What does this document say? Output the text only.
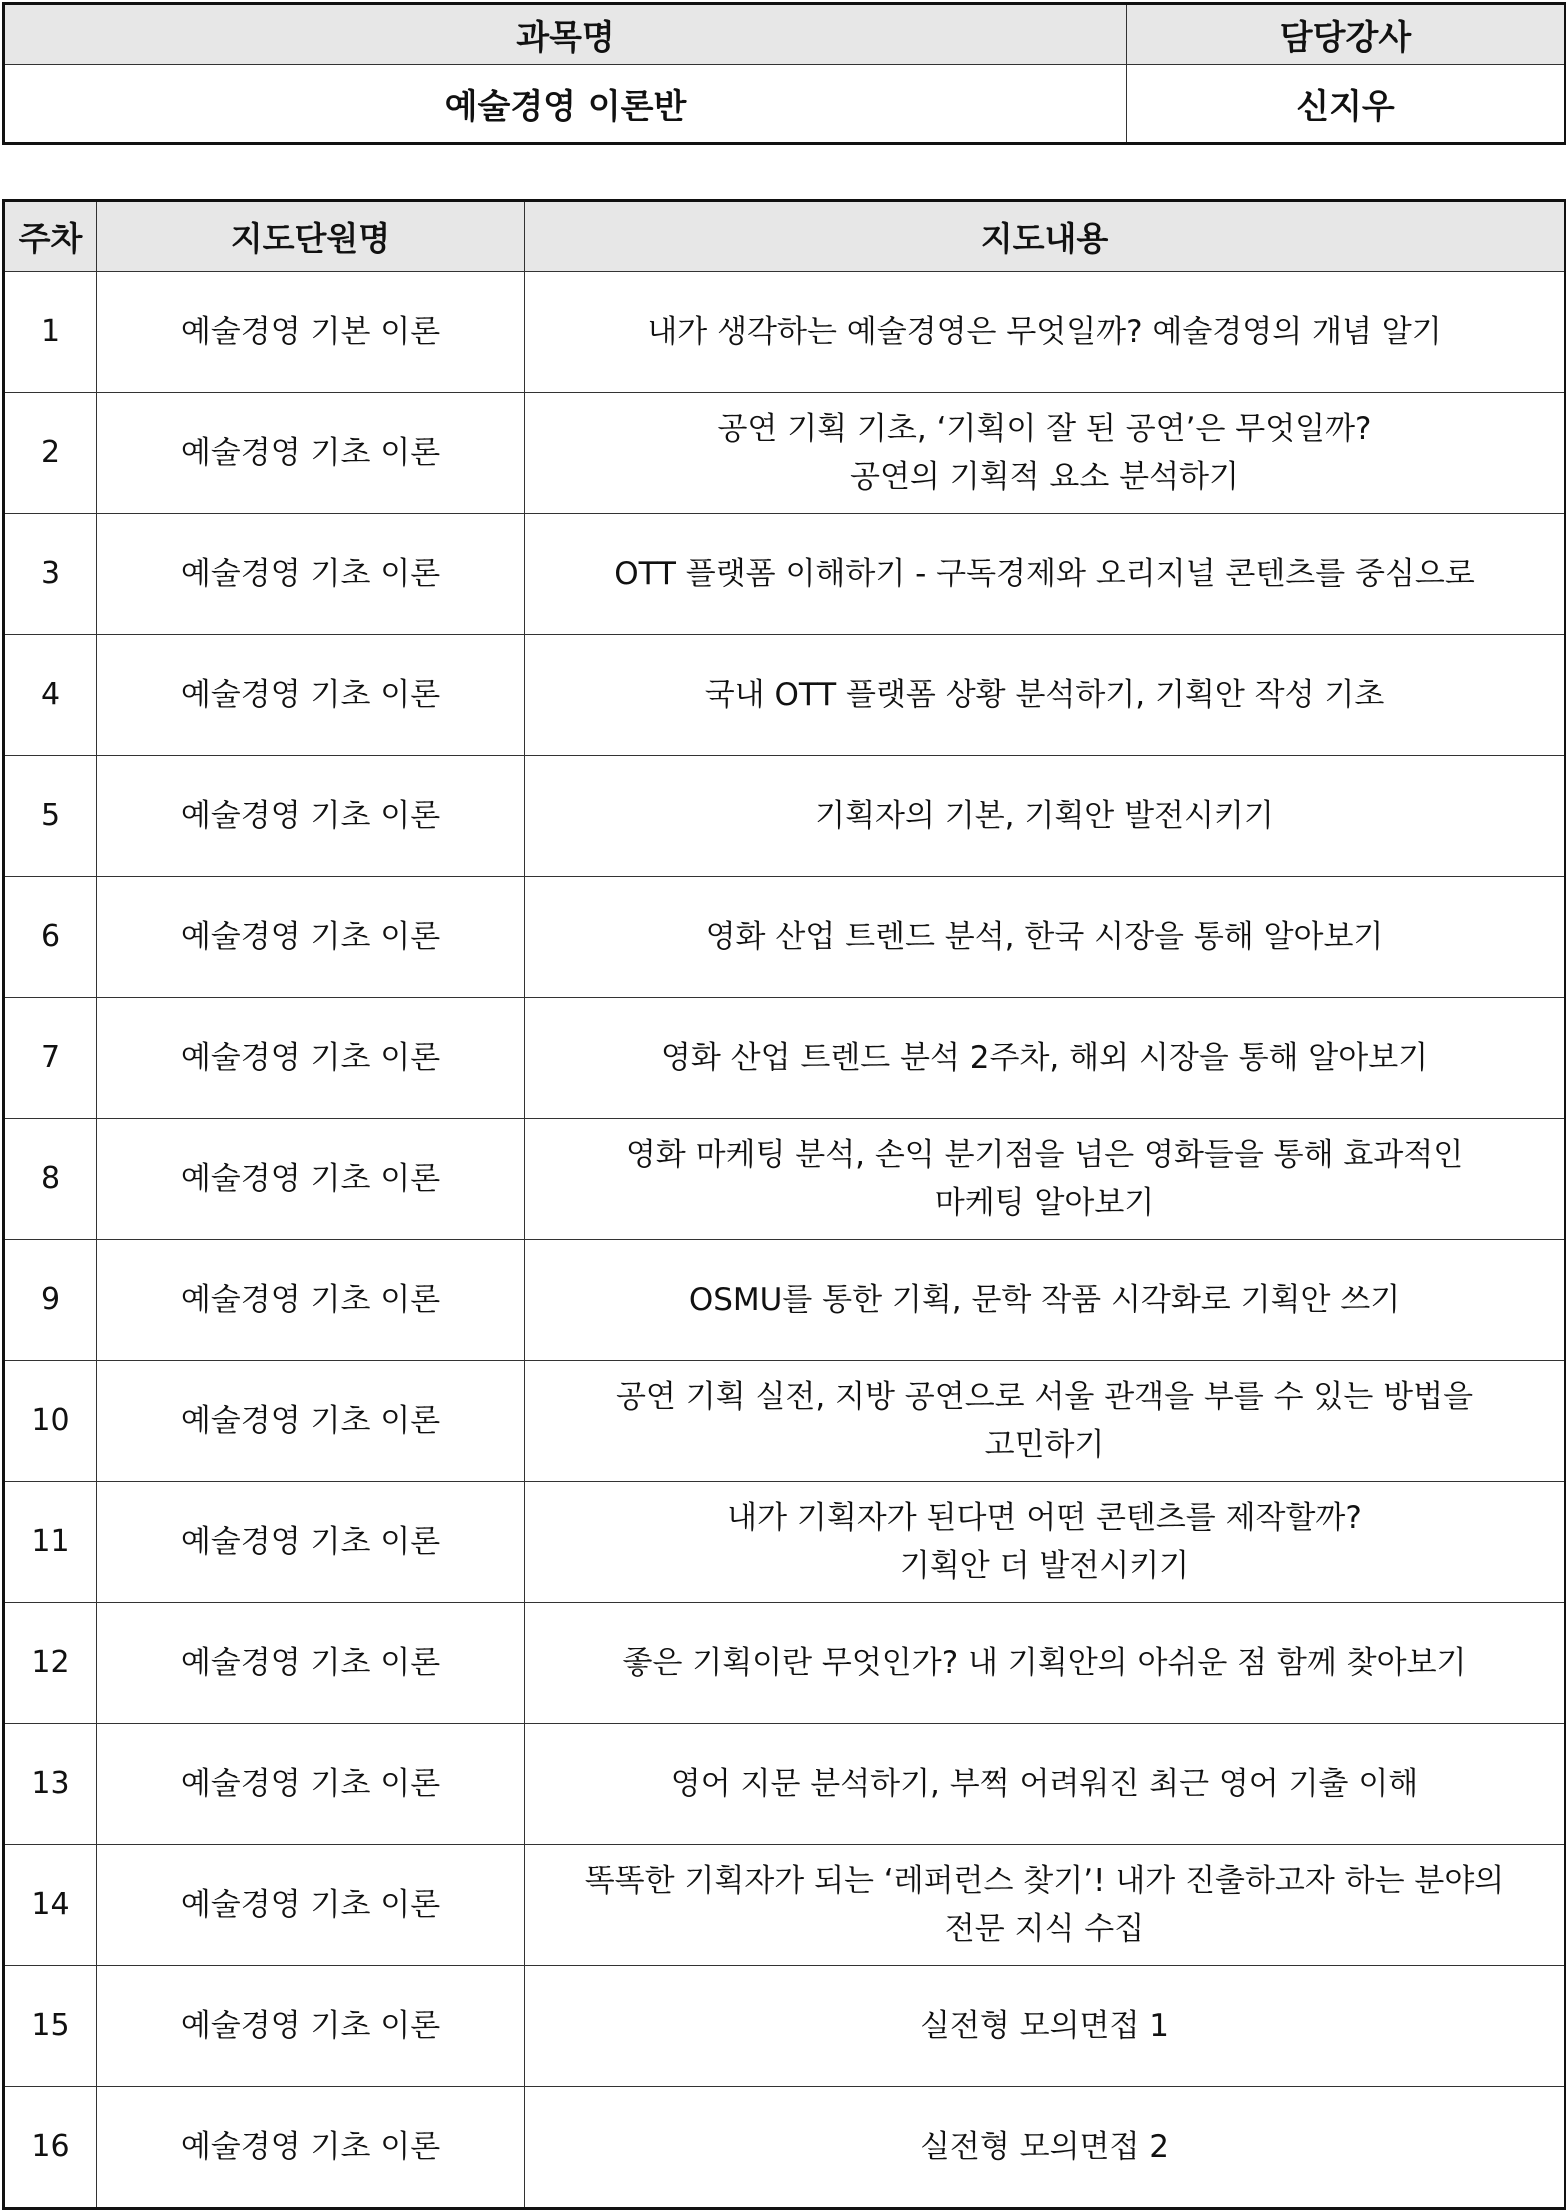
과목명	담당강사
예술경영 이론반	신지우
주차	지도단원명	지도내용
1	예술경영 기본 이론	내가 생각하는 예술경영은 무엇일까? 예술경영의 개념 알기

2	예술경영 기초 이론	공연 기획 기초, ‘기획이 잘 된 공연’은 무엇일까?
공연의 기획적 요소 분석하기

3	예술경영 기초 이론	OTT 플랫폼 이해하기 - 구독경제와 오리지널 콘텐츠를 중심으로

4	예술경영 기초 이론	국내 OTT 플랫폼 상황 분석하기, 기획안 작성 기초

5	예술경영 기초 이론	기획자의 기본, 기획안 발전시키기

6	예술경영 기초 이론	영화 산업 트렌드 분석, 한국 시장을 통해 알아보기

7	예술경영 기초 이론	영화 산업 트렌드 분석 2주차, 해외 시장을 통해 알아보기

8	예술경영 기초 이론	영화 마케팅 분석, 손익 분기점을 넘은 영화들을 통해 효과적인
마케팅 알아보기

9	예술경영 기초 이론	OSMU를 통한 기획, 문학 작품 시각화로 기획안 쓰기

10	예술경영 기초 이론	공연 기획 실전, 지방 공연으로 서울 관객을 부를 수 있는 방법을
고민하기

11	예술경영 기초 이론	내가 기획자가 된다면 어떤 콘텐츠를 제작할까?
기획안 더 발전시키기

12	예술경영 기초 이론	좋은 기획이란 무엇인가? 내 기획안의 아쉬운 점 함께 찾아보기

13	예술경영 기초 이론	영어 지문 분석하기, 부쩍 어려워진 최근 영어 기출 이해

14	예술경영 기초 이론	똑똑한 기획자가 되는 ‘레퍼런스 찾기’! 내가 진출하고자 하는 분야의
전문 지식 수집

15	예술경영 기초 이론	실전형 모의면접 1

16	예술경영 기초 이론	실전형 모의면접 2
